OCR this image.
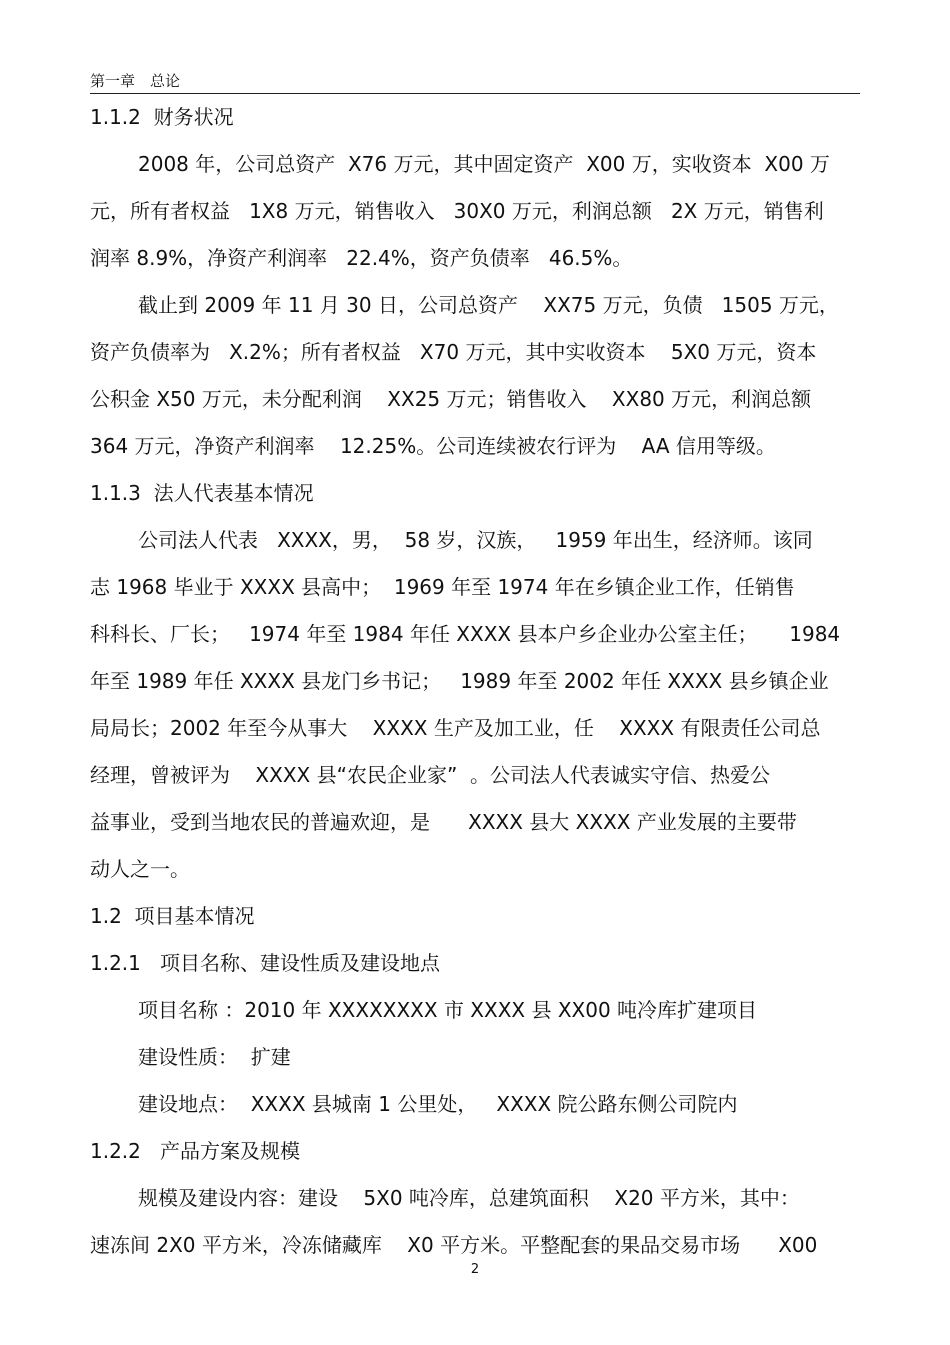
第一章　总论

1.1.2  财务状况

2008 年，公司总资产  X76 万元，其中固定资产  X00 万，实收资本  X00 万

元，所有者权益   1X8 万元，销售收入   30X0 万元，利润总额   2X 万元，销售利

润率 8.9%，净资产利润率   22.4%，资产负债率   46.5%。

截止到 2009 年 11 月 30 日，公司总资产    XX75 万元，负债   1505 万元，

资产负债率为   X.2%；所有者权益   X70 万元，其中实收资本    5X0 万元，资本

公积金 X50 万元，未分配利润    XX25 万元；销售收入    XX80 万元，利润总额

364 万元，净资产利润率    12.25%。公司连续被农行评为    AA 信用等级。

1.1.3  法人代表基本情况

公司法人代表   XXXX，男，  58 岁，汉族，   1959 年出生，经济师。该同

志 1968 毕业于 XXXX 县高中；  1969 年至 1974 年在乡镇企业工作，任销售

科科长、厂长；   1974 年至 1984 年任 XXXX 县本户乡企业办公室主任；     1984

年至 1989 年任 XXXX 县龙门乡书记；   1989 年至 2002 年任 XXXX 县乡镇企业

局局长；2002 年至今从事大    XXXX 生产及加工业，任    XXXX 有限责任公司总

经理，曾被评为    XXXX 县“农民企业家”  。公司法人代表诚实守信、热爱公

益事业，受到当地农民的普遍欢迎，是      XXXX 县大 XXXX 产业发展的主要带

动人之一。

1.2  项目基本情况

1.2.1   项目名称、建设性质及建设地点

项目名称 ：2010 年 XXXXXXXX 市 XXXX 县 XX00 吨冷库扩建项目

建设性质：  扩建

建设地点：  XXXX 县城南 1 公里处，   XXXX 院公路东侧公司院内

1.2.2   产品方案及规模

规模及建设内容：建设    5X0 吨冷库，总建筑面积    X20 平方米，其中：

速冻间 2X0 平方米，冷冻储藏库    X0 平方米。平整配套的果品交易市场      X00

2
